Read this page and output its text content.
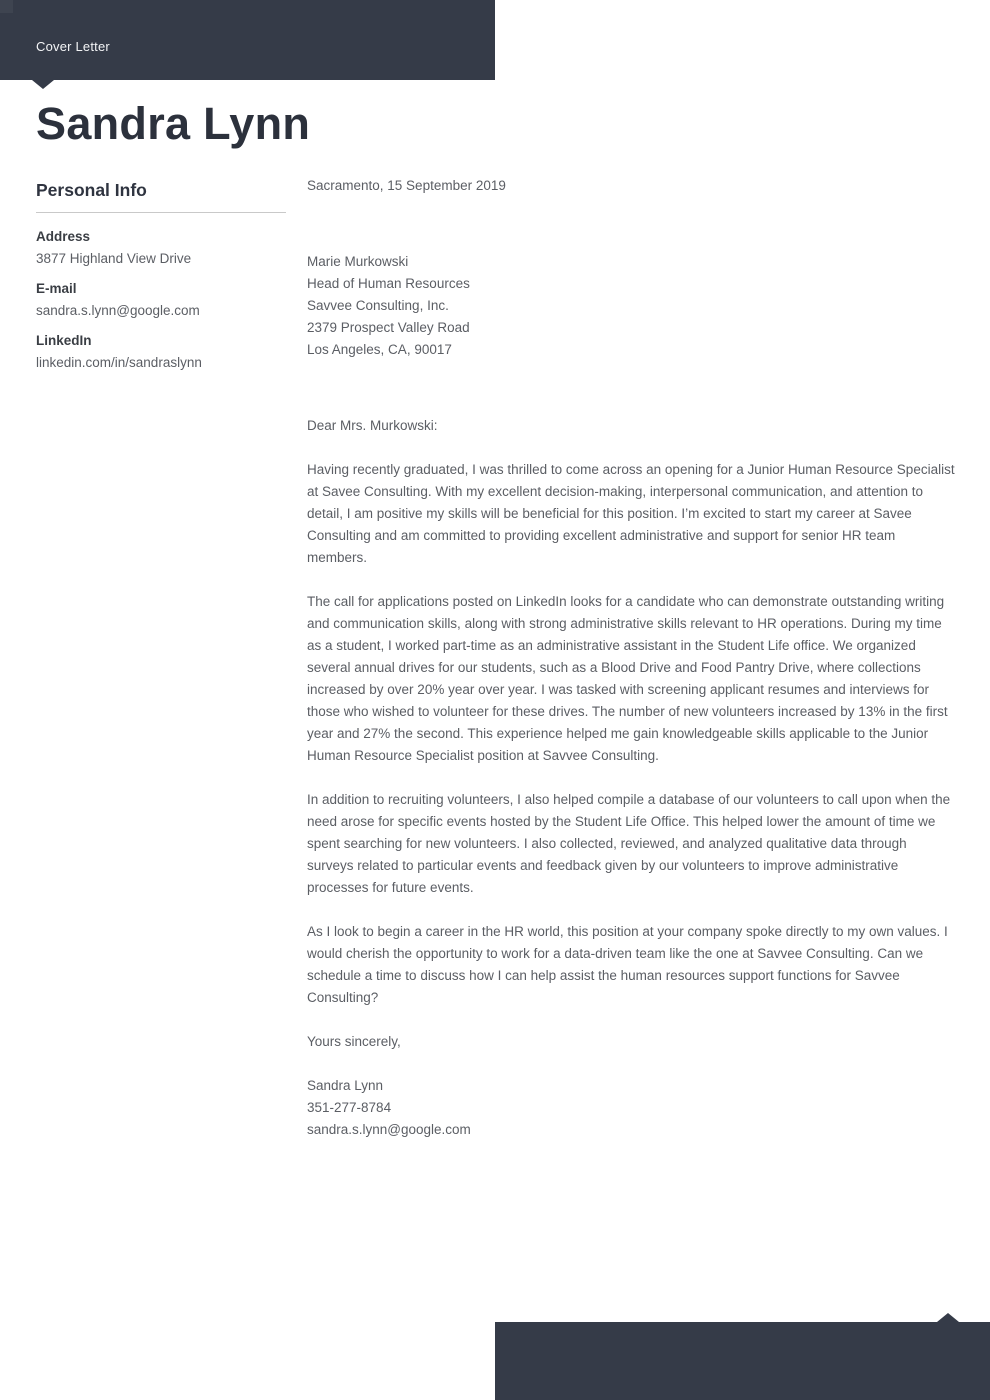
Cover Letter
Sandra Lynn
Personal Info
Address
3877 Highland View Drive
E-mail
sandra.s.lynn@google.com
LinkedIn
linkedin.com/in/sandraslynn
Sacramento, 15 September 2019
Marie Murkowski
Head of Human Resources
Savvee Consulting, Inc.
2379 Prospect Valley Road
Los Angeles, CA, 90017
Dear Mrs. Murkowski:

Having recently graduated, I was thrilled to come across an opening for a Junior Human Resource Specialist at Savee Consulting. With my excellent decision-making, interpersonal communication, and attention to detail, I am positive my skills will be beneficial for this position. I’m excited to start my career at Savee Consulting and am committed to providing excellent administrative and support for senior HR team members.

The call for applications posted on LinkedIn looks for a candidate who can demonstrate outstanding writing and communication skills, along with strong administrative skills relevant to HR operations. During my time as a student, I worked part-time as an administrative assistant in the Student Life office. We organized several annual drives for our students, such as a Blood Drive and Food Pantry Drive, where collections increased by over 20% year over year. I was tasked with screening applicant resumes and interviews for those who wished to volunteer for these drives. The number of new volunteers increased by 13% in the first year and 27% the second. This experience helped me gain knowledgeable skills applicable to the Junior Human Resource Specialist position at Savvee Consulting.

In addition to recruiting volunteers, I also helped compile a database of our volunteers to call upon when the need arose for specific events hosted by the Student Life Office. This helped lower the amount of time we spent searching for new volunteers. I also collected, reviewed, and analyzed qualitative data through surveys related to particular events and feedback given by our volunteers to improve administrative processes for future events.

As I look to begin a career in the HR world, this position at your company spoke directly to my own values. I would cherish the opportunity to work for a data-driven team like the one at Savvee Consulting. Can we schedule a time to discuss how I can help assist the human resources support functions for Savvee Consulting?

Yours sincerely,
Sandra Lynn
351-277-8784
sandra.s.lynn@google.com
